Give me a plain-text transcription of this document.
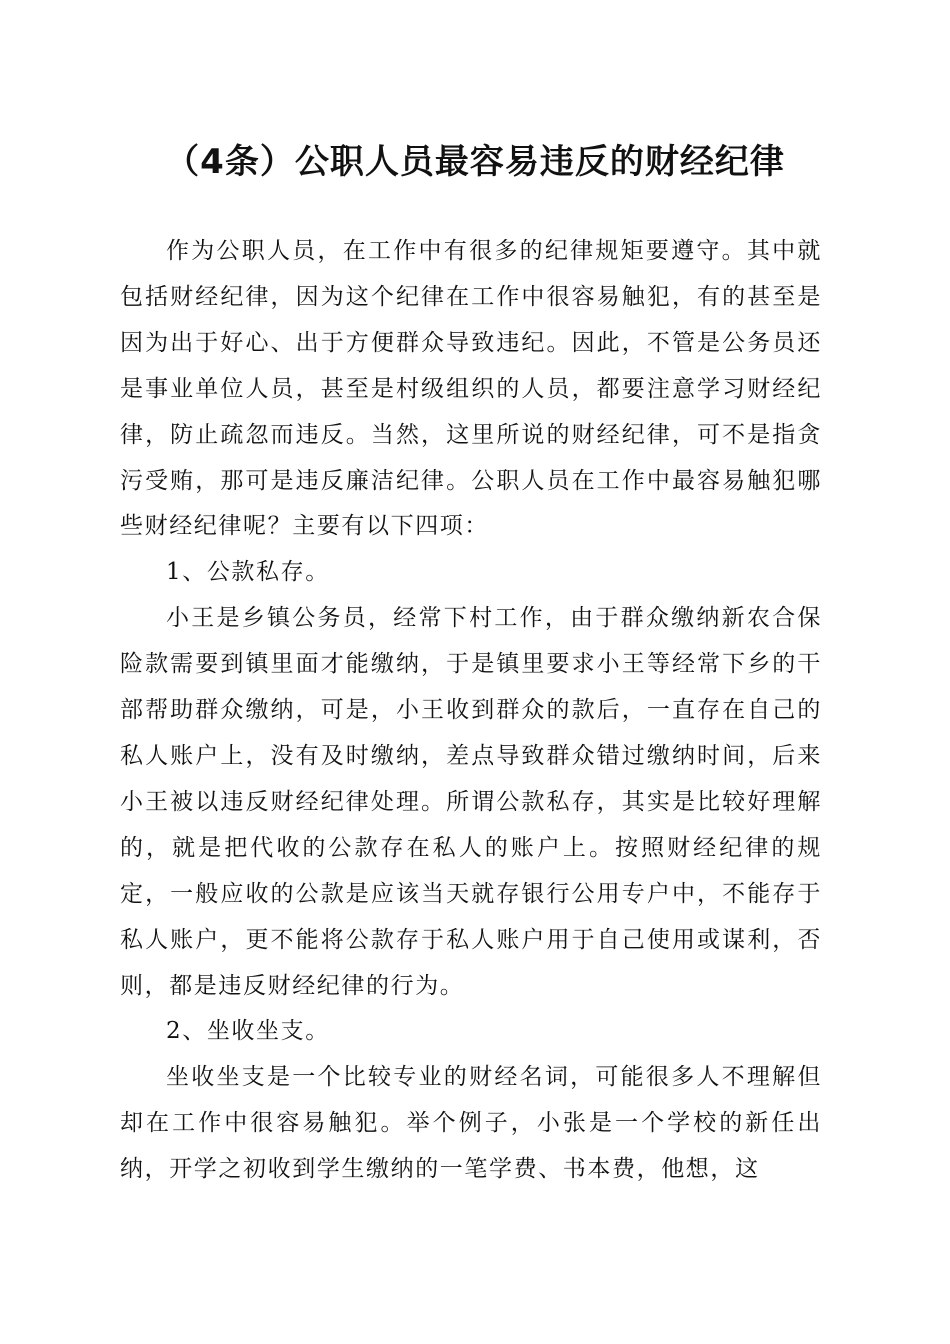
（4条）公职人员最容易违反的财经纪律

作为公职人员，在工作中有很多的纪律规矩要遵守。其中就包括财经纪律，因为这个纪律在工作中很容易触犯，有的甚至是因为出于好心、出于方便群众导致违纪。因此，不管是公务员还是事业单位人员，甚至是村级组织的人员，都要注意学习财经纪律，防止疏忽而违反。当然，这里所说的财经纪律，可不是指贪污受贿，那可是违反廉洁纪律。公职人员在工作中最容易触犯哪些财经纪律呢？主要有以下四项：

1、公款私存。

小王是乡镇公务员，经常下村工作，由于群众缴纳新农合保险款需要到镇里面才能缴纳，于是镇里要求小王等经常下乡的干部帮助群众缴纳，可是，小王收到群众的款后，一直存在自己的私人账户上，没有及时缴纳，差点导致群众错过缴纳时间，后来小王被以违反财经纪律处理。所谓公款私存，其实是比较好理解的，就是把代收的公款存在私人的账户上。按照财经纪律的规定，一般应收的公款是应该当天就存银行公用专户中，不能存于私人账户，更不能将公款存于私人账户用于自己使用或谋利，否则，都是违反财经纪律的行为。

2、坐收坐支。

坐收坐支是一个比较专业的财经名词，可能很多人不理解但却在工作中很容易触犯。举个例子，小张是一个学校的新任出纳，开学之初收到学生缴纳的一笔学费、书本费，他想，这
